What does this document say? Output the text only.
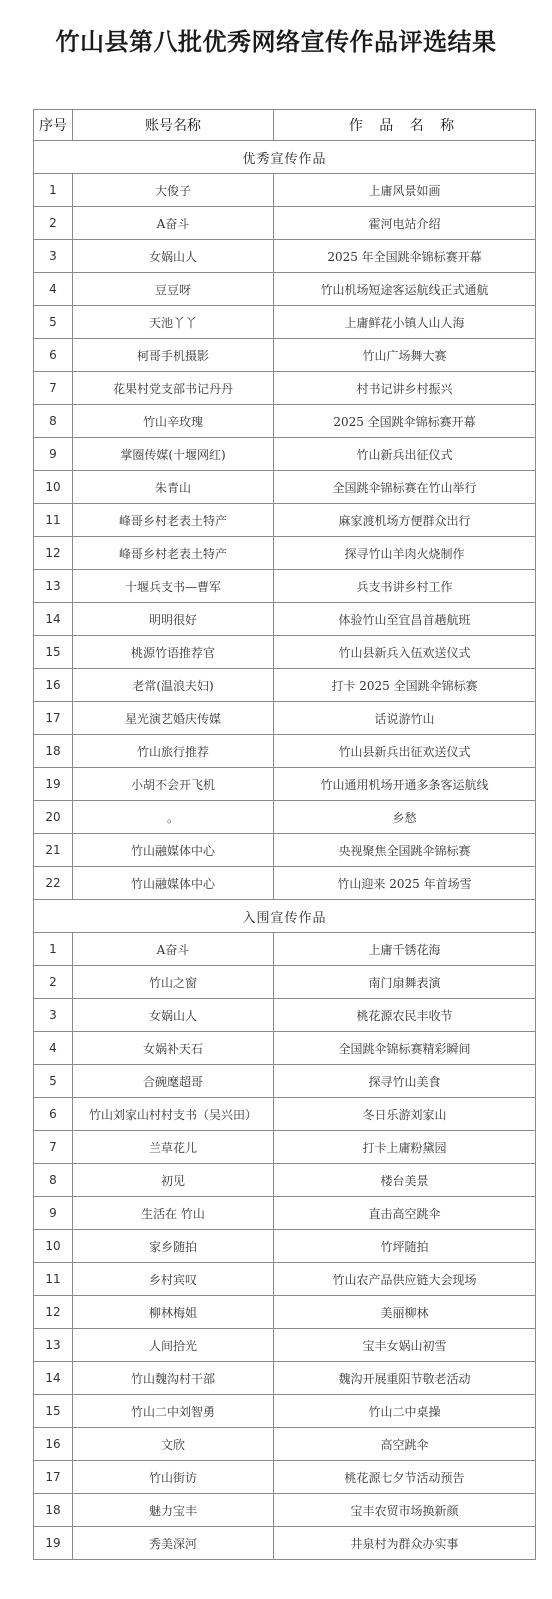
竹山县第八批优秀网络宣传作品评选结果
序号	账号名称	作 品 名 称
优秀宣传作品		
1	大俊子	上庸风景如画
2	A奋斗	霍河电站介绍
3	女娲山人	2025 年全国跳伞锦标赛开幕
4	豆豆呀	竹山机场短途客运航线正式通航
5	天池丫丫	上庸鲜花小镇人山人海
6	柯哥手机摄影	竹山广场舞大赛
7	花果村党支部书记丹丹	村书记讲乡村振兴
8	竹山辛玫瑰	2025 全国跳伞锦标赛开幕
9	掌圈传媒(十堰网红)	竹山新兵出征仪式
10	朱青山	全国跳伞锦标赛在竹山举行
11	峰哥乡村老表土特产	麻家渡机场方便群众出行
12	峰哥乡村老表土特产	探寻竹山羊肉火烧制作
13	十堰兵支书—曹军	兵支书讲乡村工作
14	明明很好	体验竹山至宜昌首趟航班
15	桃源竹语推荐官	竹山县新兵入伍欢送仪式
16	老常(温浪夫妇)	打卡 2025 全国跳伞锦标赛
17	星光演艺婚庆传媒	话说游竹山
18	竹山旅行推荐	竹山县新兵出征欢送仪式
19	小胡不会开飞机	竹山通用机场开通多条客运航线
20	。	乡愁
21	竹山融媒体中心	央视聚焦全国跳伞锦标赛
22	竹山融媒体中心	竹山迎来 2025 年首场雪
入围宣传作品		
1	A奋斗	上庸千锈花海
2	竹山之窗	南门扇舞表演
3	女娲山人	桃花源农民丰收节
4	女娲补天石	全国跳伞锦标赛精彩瞬间
5	合碗麾超哥	探寻竹山美食
6	竹山刘家山村村支书（吴兴田）	冬日乐游刘家山
7	兰草花儿	打卡上庸粉黛园
8	初见	楼台美景
9	生活在 竹山	直击高空跳伞
10	家乡随拍	竹坪随拍
11	乡村宾叹	竹山农产品供应链大会现场
12	柳林梅姐	美丽柳林
13	人间拾光	宝丰女娲山初雪
14	竹山魏沟村干部	魏沟开展重阳节敬老活动
15	竹山二中刘智勇	竹山二中桌操
16	文欣	高空跳伞
17	竹山街访	桃花源七夕节活动预告
18	魅力宝丰	宝丰农贸市场换新颜
19	秀美深河	井泉村为群众办实事
